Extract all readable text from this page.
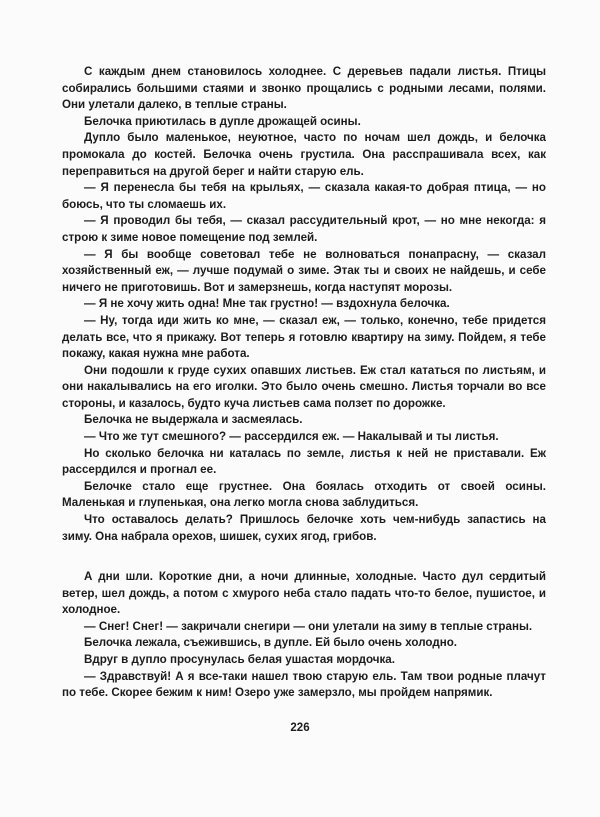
С каждым днем становилось холоднее. С деревьев падали листья. Птицы собирались большими стаями и звонко прощались с родными лесами, полями. Они улетали далеко, в теплые страны.

Белочка приютилась в дупле дрожащей осины.

Дупло было маленькое, неуютное, часто по ночам шел дождь, и белочка промокала до костей. Белочка очень грустила. Она расспрашивала всех, как переправиться на другой берег и найти старую ель.

— Я перенесла бы тебя на крыльях, — сказала какая-то добрая птица, — но боюсь, что ты сломаешь их.

— Я проводил бы тебя, — сказал рассудительный крот, — но мне некогда: я строю к зиме новое помещение под землей.

— Я бы вообще советовал тебе не волноваться понапрасну, — сказал хозяйственный еж, — лучше подумай о зиме. Этак ты и своих не найдешь, и себе ничего не приготовишь. Вот и замерзнешь, когда наступят морозы.

— Я не хочу жить одна! Мне так грустно! — вздохнула белочка.

— Ну, тогда иди жить ко мне, — сказал еж, — только, конечно, тебе придется делать все, что я прикажу. Вот теперь я готовлю квартиру на зиму. Пойдем, я тебе покажу, какая нужна мне работа.

Они подошли к груде сухих опавших листьев. Еж стал кататься по листьям, и они накалывались на его иголки. Это было очень смешно. Листья торчали во все стороны, и казалось, будто куча листьев сама ползет по дорожке.

Белочка не выдержала и засмеялась.

— Что же тут смешного? — рассердился еж. — Накалывай и ты листья.

Но сколько белочка ни каталась по земле, листья к ней не приставали. Еж рассердился и прогнал ее.

Белочке стало еще грустнее. Она боялась отходить от своей осины. Маленькая и глупенькая, она легко могла снова заблудиться.

Что оставалось делать? Пришлось белочке хоть чем-нибудь запастись на зиму. Она набрала орехов, шишек, сухих ягод, грибов.

А дни шли. Короткие дни, а ночи длинные, холодные. Часто дул сердитый ветер, шел дождь, а потом с хмурого неба стало падать что-то белое, пушистое, и холодное.

— Снег! Снег! — закричали снегири — они улетали на зиму в теплые страны.

Белочка лежала, съежившись, в дупле. Ей было очень холодно.

Вдруг в дупло просунулась белая ушастая мордочка.

— Здравствуй! А я все-таки нашел твою старую ель. Там твои родные плачут по тебе. Скорее бежим к ним! Озеро уже замерзло, мы пройдем напрямик.

226
